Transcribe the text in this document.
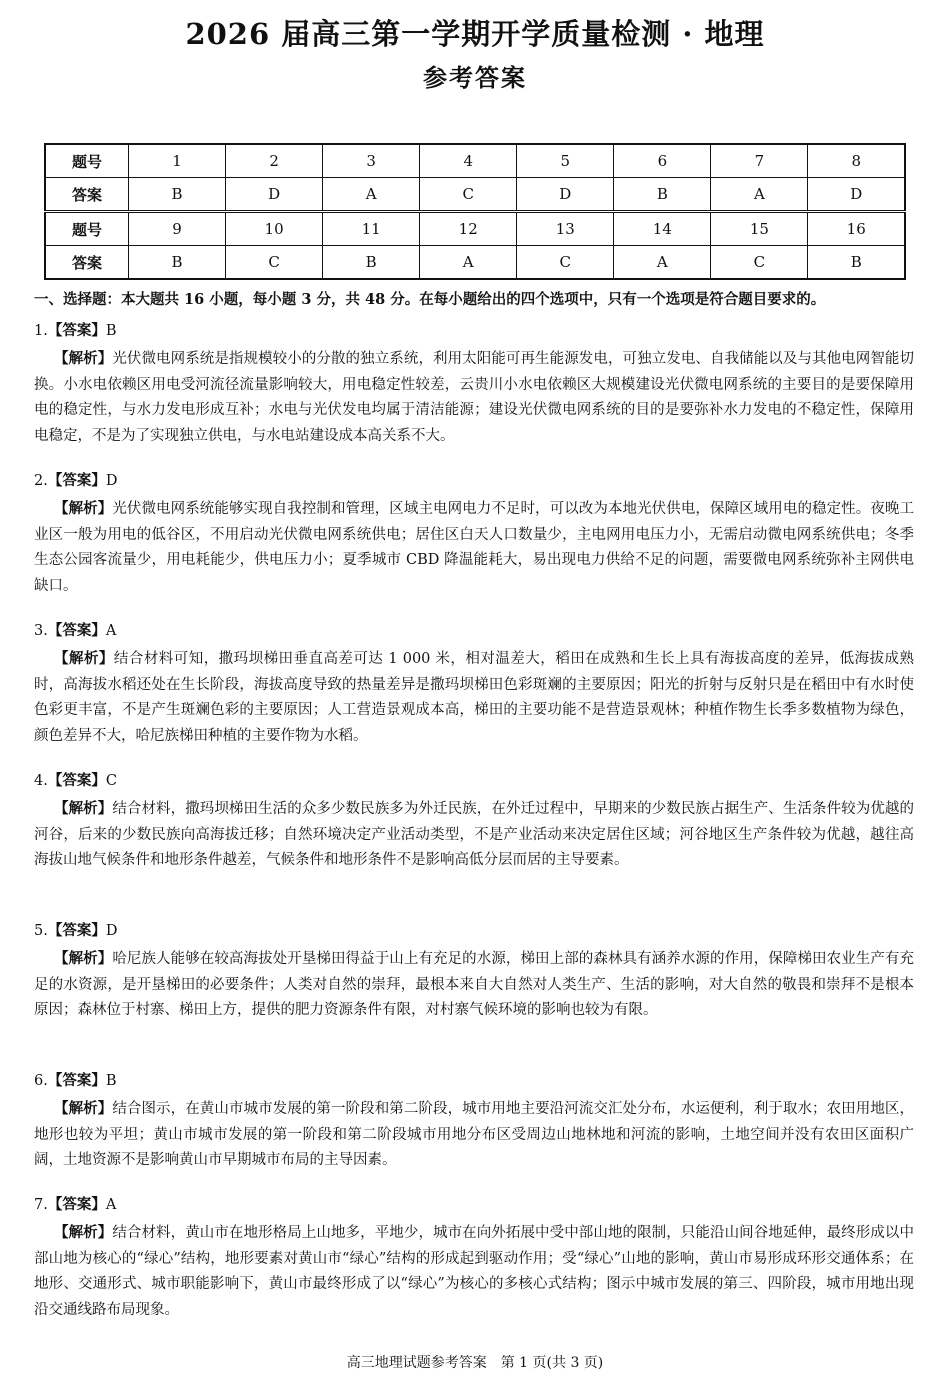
2026 届高三第一学期开学质量检测 · 地理
参考答案
题号	1	2	3	4	5	6	7	8
答案	B	D	A	C	D	B	A	D
题号	9	10	11	12	13	14	15	16
答案	B	C	B	A	C	A	C	B
一、选择题：本大题共 16 小题，每小题 3 分，共 48 分。在每小题给出的四个选项中，只有一个选项是符合题目要求的。
1.【答案】B
【解析】光伏微电网系统是指规模较小的分散的独立系统，利用太阳能可再生能源发电，可独立发电、自我储能以及与其他电网智能切换。小水电依赖区用电受河流径流量影响较大，用电稳定性较差，云贵川小水电依赖区大规模建设光伏微电网系统的主要目的是要保障用电的稳定性，与水力发电形成互补；水电与光伏发电均属于清洁能源；建设光伏微电网系统的目的是要弥补水力发电的不稳定性，保障用电稳定，不是为了实现独立供电，与水电站建设成本高关系不大。
2.【答案】D
【解析】光伏微电网系统能够实现自我控制和管理，区域主电网电力不足时，可以改为本地光伏供电，保障区域用电的稳定性。夜晚工业区一般为用电的低谷区，不用启动光伏微电网系统供电；居住区白天人口数量少，主电网用电压力小，无需启动微电网系统供电；冬季生态公园客流量少，用电耗能少，供电压力小；夏季城市 CBD 降温能耗大，易出现电力供给不足的问题，需要微电网系统弥补主网供电缺口。
3.【答案】A
【解析】结合材料可知，撒玛坝梯田垂直高差可达 1 000 米，相对温差大，稻田在成熟和生长上具有海拔高度的差异，低海拔成熟时，高海拔水稻还处在生长阶段，海拔高度导致的热量差异是撒玛坝梯田色彩斑斓的主要原因；阳光的折射与反射只是在稻田中有水时使色彩更丰富，不是产生斑斓色彩的主要原因；人工营造景观成本高，梯田的主要功能不是营造景观林；种植作物生长季多数植物为绿色，颜色差异不大，哈尼族梯田种植的主要作物为水稻。
4.【答案】C
【解析】结合材料，撒玛坝梯田生活的众多少数民族多为外迁民族，在外迁过程中，早期来的少数民族占据生产、生活条件较为优越的河谷，后来的少数民族向高海拔迁移；自然环境决定产业活动类型，不是产业活动来决定居住区域；河谷地区生产条件较为优越，越往高海拔山地气候条件和地形条件越差，气候条件和地形条件不是影响高低分层而居的主导要素。
5.【答案】D
【解析】哈尼族人能够在较高海拔处开垦梯田得益于山上有充足的水源，梯田上部的森林具有涵养水源的作用，保障梯田农业生产有充足的水资源，是开垦梯田的必要条件；人类对自然的崇拜，最根本来自大自然对人类生产、生活的影响，对大自然的敬畏和崇拜不是根本原因；森林位于村寨、梯田上方，提供的肥力资源条件有限，对村寨气候环境的影响也较为有限。
6.【答案】B
【解析】结合图示，在黄山市城市发展的第一阶段和第二阶段，城市用地主要沿河流交汇处分布，水运便利，利于取水；农田用地区，地形也较为平坦；黄山市城市发展的第一阶段和第二阶段城市用地分布区受周边山地林地和河流的影响，土地空间并没有农田区面积广阔，土地资源不是影响黄山市早期城市布局的主导因素。
7.【答案】A
【解析】结合材料，黄山市在地形格局上山地多，平地少，城市在向外拓展中受中部山地的限制，只能沿山间谷地延伸，最终形成以中部山地为核心的“绿心”结构，地形要素对黄山市“绿心”结构的形成起到驱动作用；受“绿心”山地的影响，黄山市易形成环形交通体系；在地形、交通形式、城市职能影响下，黄山市最终形成了以“绿心”为核心的多核心式结构；图示中城市发展的第三、四阶段，城市用地出现沿交通线路布局现象。
高三地理试题参考答案　第 1 页(共 3 页)
